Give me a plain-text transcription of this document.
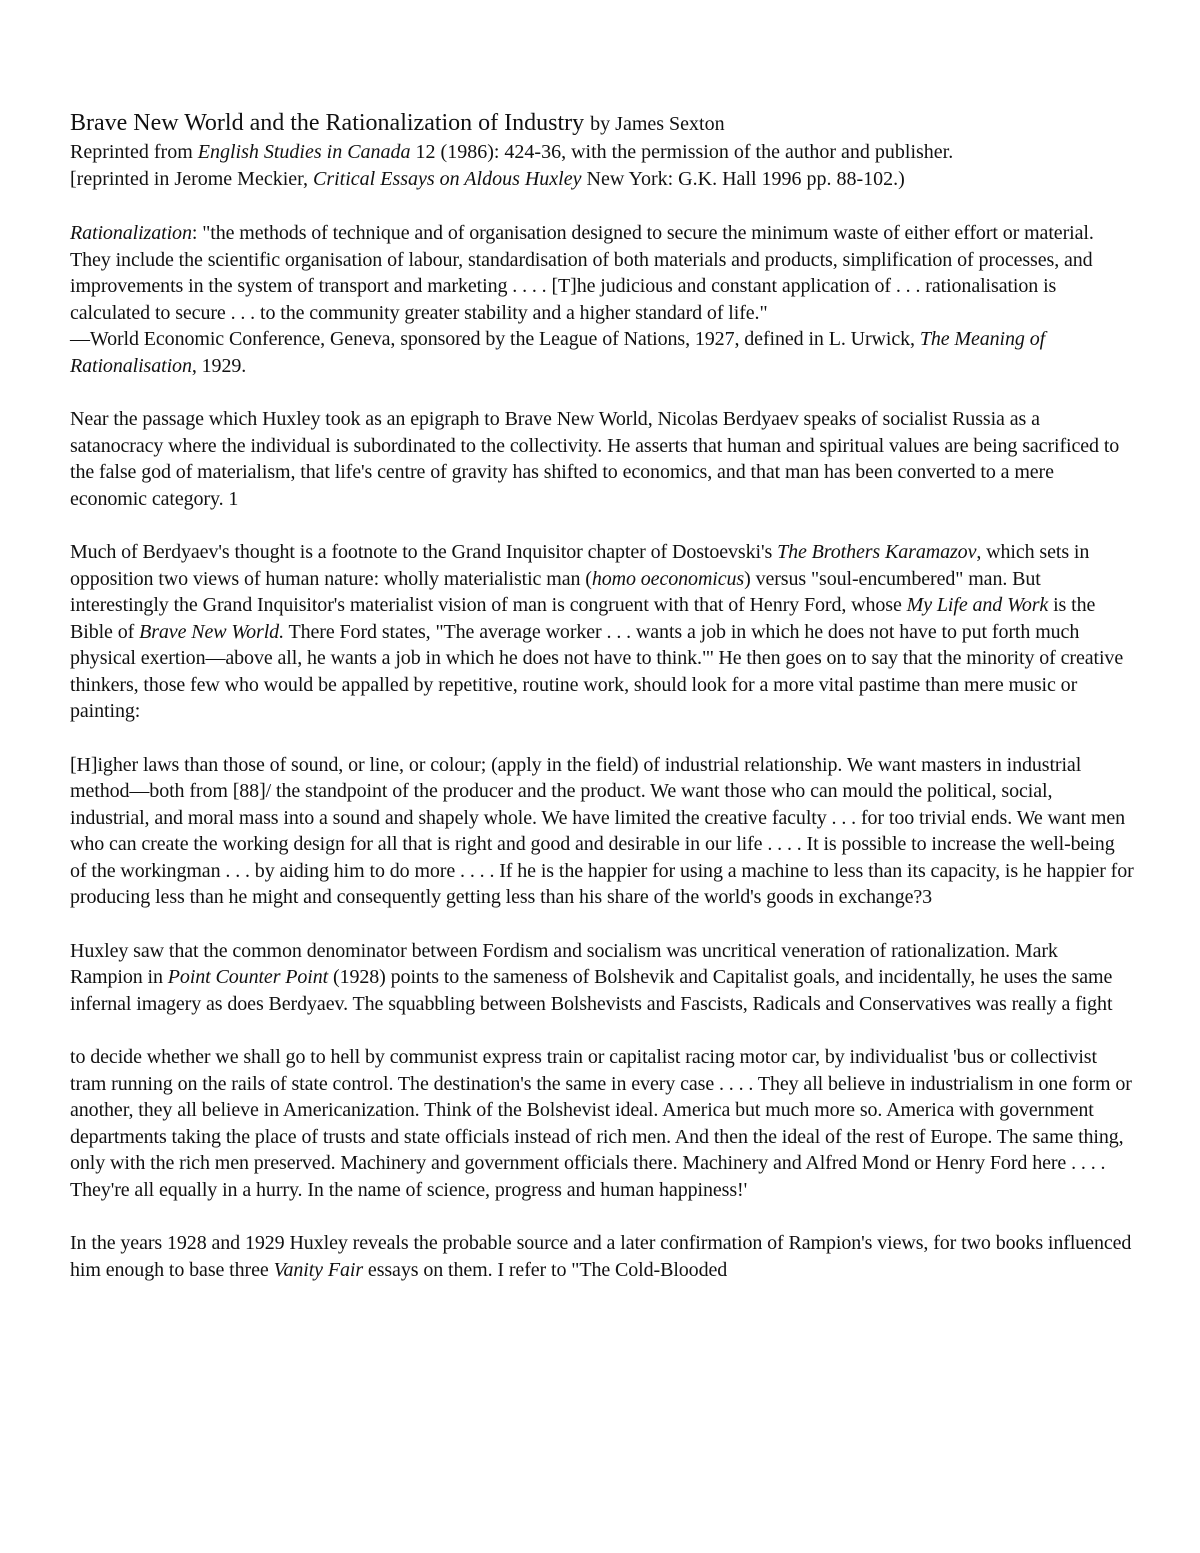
Brave New World and the Rationalization of Industry by James Sexton

Reprinted from English Studies in Canada 12 (1986): 424-36, with the permission of the author and publisher.

[reprinted in Jerome Meckier, Critical Essays on Aldous Huxley New York: G.K. Hall 1996 pp. 88-102.)

Rationalization: "the methods of technique and of organisation designed to secure the minimum waste of either effort or material. They include the scientific organisation of labour, standardisation of both materials and products, simplification of processes, and improvements in the system of transport and marketing . . . . [T]he judicious and constant application of . . . rationalisation is calculated to secure . . . to the community greater stability and a higher standard of life."

—World Economic Conference, Geneva, sponsored by the League of Nations, 1927, defined in L. Urwick, The Meaning of Rationalisation, 1929.

Near the passage which Huxley took as an epigraph to Brave New World, Nicolas Berdyaev speaks of socialist Russia as a satanocracy where the individual is subordinated to the collectivity. He asserts that human and spiritual values are being sacrificed to the false god of materialism, that life's centre of gravity has shifted to economics, and that man has been converted to a mere economic category. 1

Much of Berdyaev's thought is a footnote to the Grand Inquisitor chapter of Dostoevski's The Brothers Karamazov, which sets in opposition two views of human nature: wholly materialistic man (homo oeconomicus) versus "soul-encumbered" man. But interestingly the Grand Inquisitor's materialist vision of man is congruent with that of Henry Ford, whose My Life and Work is the Bible of Brave New World. There Ford states, "The average worker . . . wants a job in which he does not have to put forth much physical exertion—above all, he wants a job in which he does not have to think."' He then goes on to say that the minority of creative thinkers, those few who would be appalled by repetitive, routine work, should look for a more vital pastime than mere music or painting:

[H]igher laws than those of sound, or line, or colour; (apply in the field) of industrial relationship. We want masters in industrial method—both from [88]/ the standpoint of the producer and the product. We want those who can mould the political, social, industrial, and moral mass into a sound and shapely whole. We have limited the creative faculty . . . for too trivial ends. We want men who can create the working design for all that is right and good and desirable in our life . . . . It is possible to increase the well-being of the workingman . . . by aiding him to do more . . . . If he is the happier for using a machine to less than its capacity, is he happier for producing less than he might and consequently getting less than his share of the world's goods in exchange?3

Huxley saw that the common denominator between Fordism and socialism was uncritical veneration of rationalization. Mark Rampion in Point Counter Point (1928) points to the sameness of Bolshevik and Capitalist goals, and incidentally, he uses the same infernal imagery as does Berdyaev. The squabbling between Bolshevists and Fascists, Radicals and Conservatives was really a fight

to decide whether we shall go to hell by communist express train or capitalist racing motor car, by individualist 'bus or collectivist tram running on the rails of state control. The destination's the same in every case . . . . They all believe in industrialism in one form or another, they all believe in Americanization. Think of the Bolshevist ideal. America but much more so. America with government departments taking the place of trusts and state officials instead of rich men. And then the ideal of the rest of Europe. The same thing, only with the rich men preserved. Machinery and government officials there. Machinery and Alfred Mond or Henry Ford here . . . . They're all equally in a hurry. In the name of science, progress and human happiness!'

In the years 1928 and 1929 Huxley reveals the probable source and a later confirmation of Rampion's views, for two books influenced him enough to base three Vanity Fair essays on them. I refer to "The Cold-Blooded
